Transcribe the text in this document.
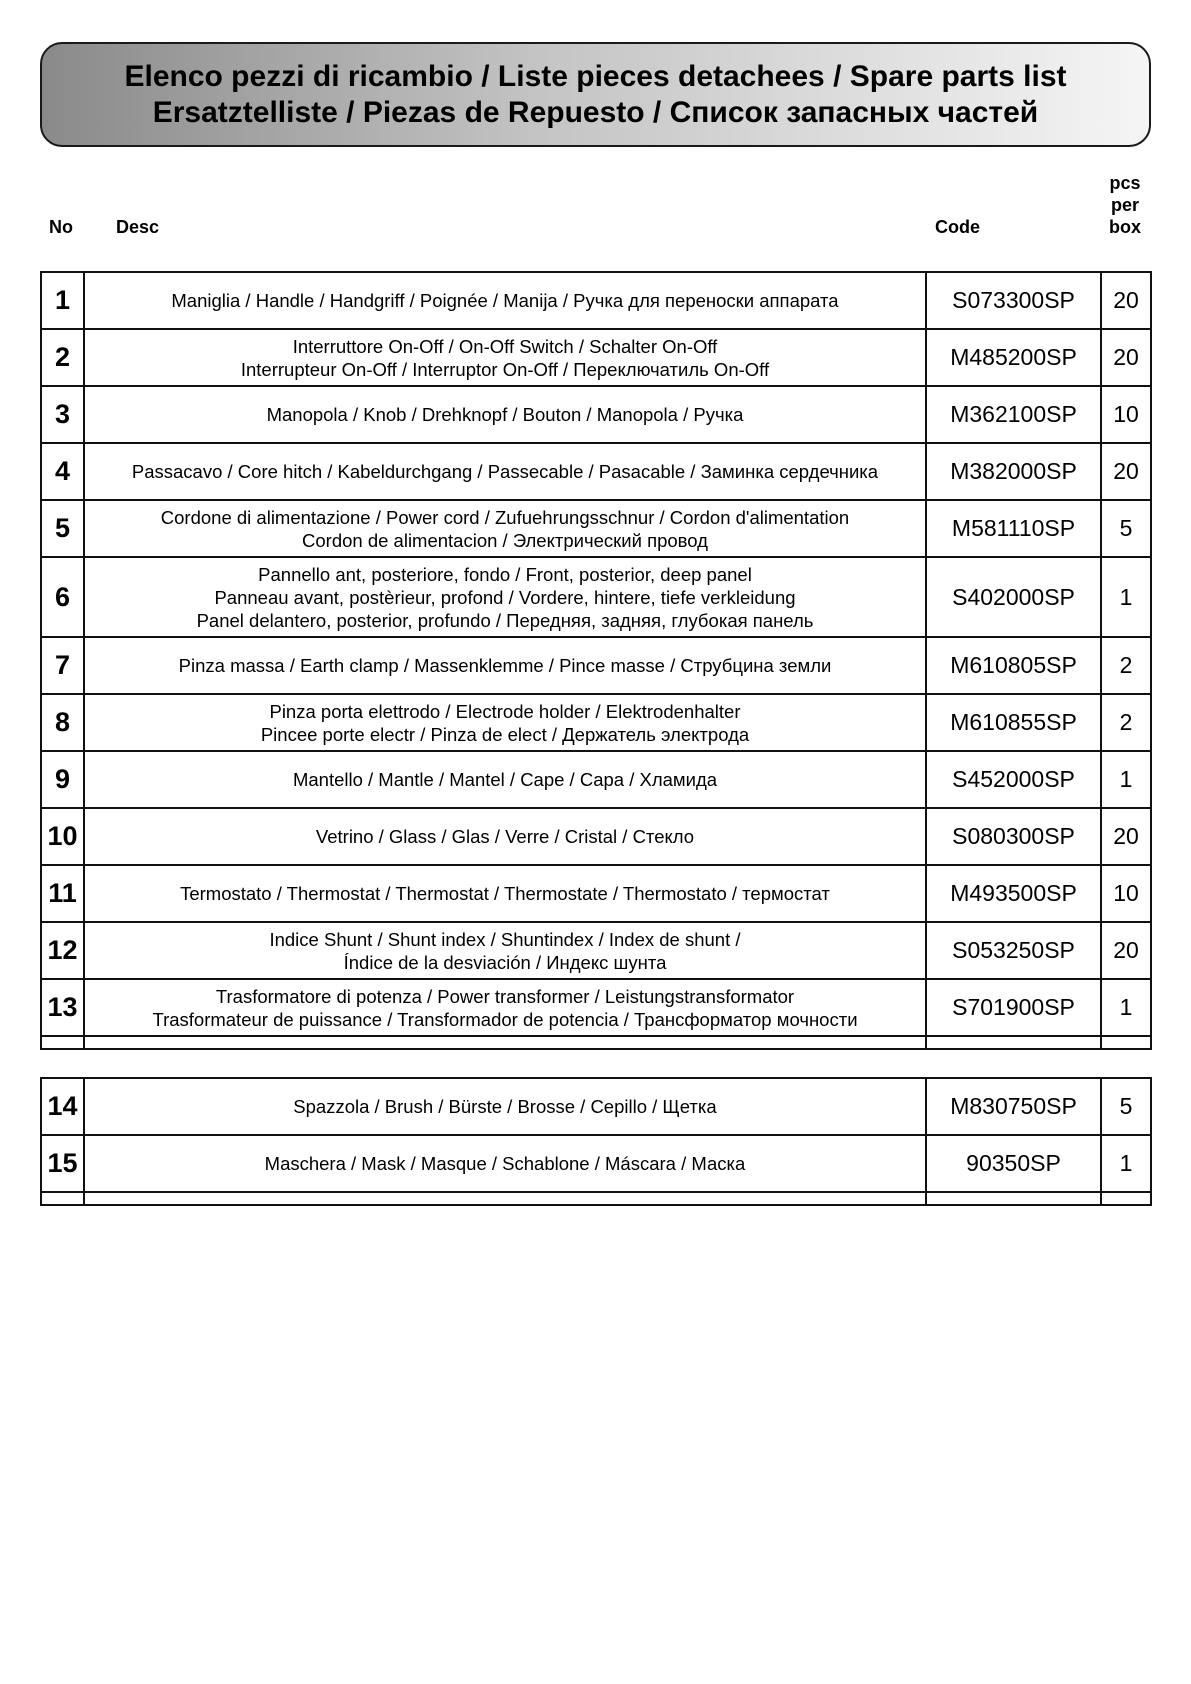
Elenco pezzi di ricambio / Liste pieces detachees / Spare parts list
Ersatztelliste / Piezas de Repuesto / Список запасных частей
No Desc	Code
pcs
per
box
1	Maniglia / Handle / Handgriff / Poignée / Manija / Ручка для переноски аппарата	S073300SP	20
2	Interruttore On-Off / On-Off Switch / Schalter On-Off
Interrupteur On-Off / Interruptor On-Off / Переключатиль On-Off	M485200SP	20
3	Manopola / Knob / Drehknopf / Bouton / Manopola / Ручка	M362100SP	10
4	Passacavo / Core hitch / Kabeldurchgang / Passecable / Pasacable / Заминка сердечника	M382000SP	20
5	Cordone di alimentazione / Power cord / Zufuehrungsschnur / Cordon d'alimentation
Cordon de alimentacion / Электрический провод	M581110SP	5
6	Pannello ant, posteriore, fondo / Front, posterior, deep panel
Panneau avant, postèrieur, profond / Vordere, hintere, tiefe verkleidung
Panel delantero, posterior, profundo / Передняя, задняя, глубокая панель	S402000SP	1
7	Pinza massa / Earth clamp / Massenklemme / Pince masse / Струбцина земли	M610805SP	2
8	Pinza porta elettrodo / Electrode holder / Elektrodenhalter
Pincee porte electr / Pinza de elect / Держатель электрода	M610855SP	2
9	Mantello / Mantle / Mantel / Cape / Capa / Хламида	S452000SP	1
10	Vetrino / Glass / Glas / Verre / Cristal / Стекло	S080300SP	20
11	Termostato / Thermostat / Thermostat / Thermostate / Thermostato / термостат	M493500SP	10
12	Indice Shunt / Shunt index / Shuntindex / Index de shunt /
Índice de la desviación / Индекс шунта	S053250SP	20
13	Trasformatore di potenza / Power transformer / Leistungstransformator
Trasformateur de puissance / Transformador de potencia / Трансформатор мочности	S701900SP	1

14	Spazzola / Brush / Bürste / Brosse / Cepillo / Щетка	M830750SP	5
15	Maschera / Mask / Masque / Schablone / Máscara / Маска	90350SP	1
